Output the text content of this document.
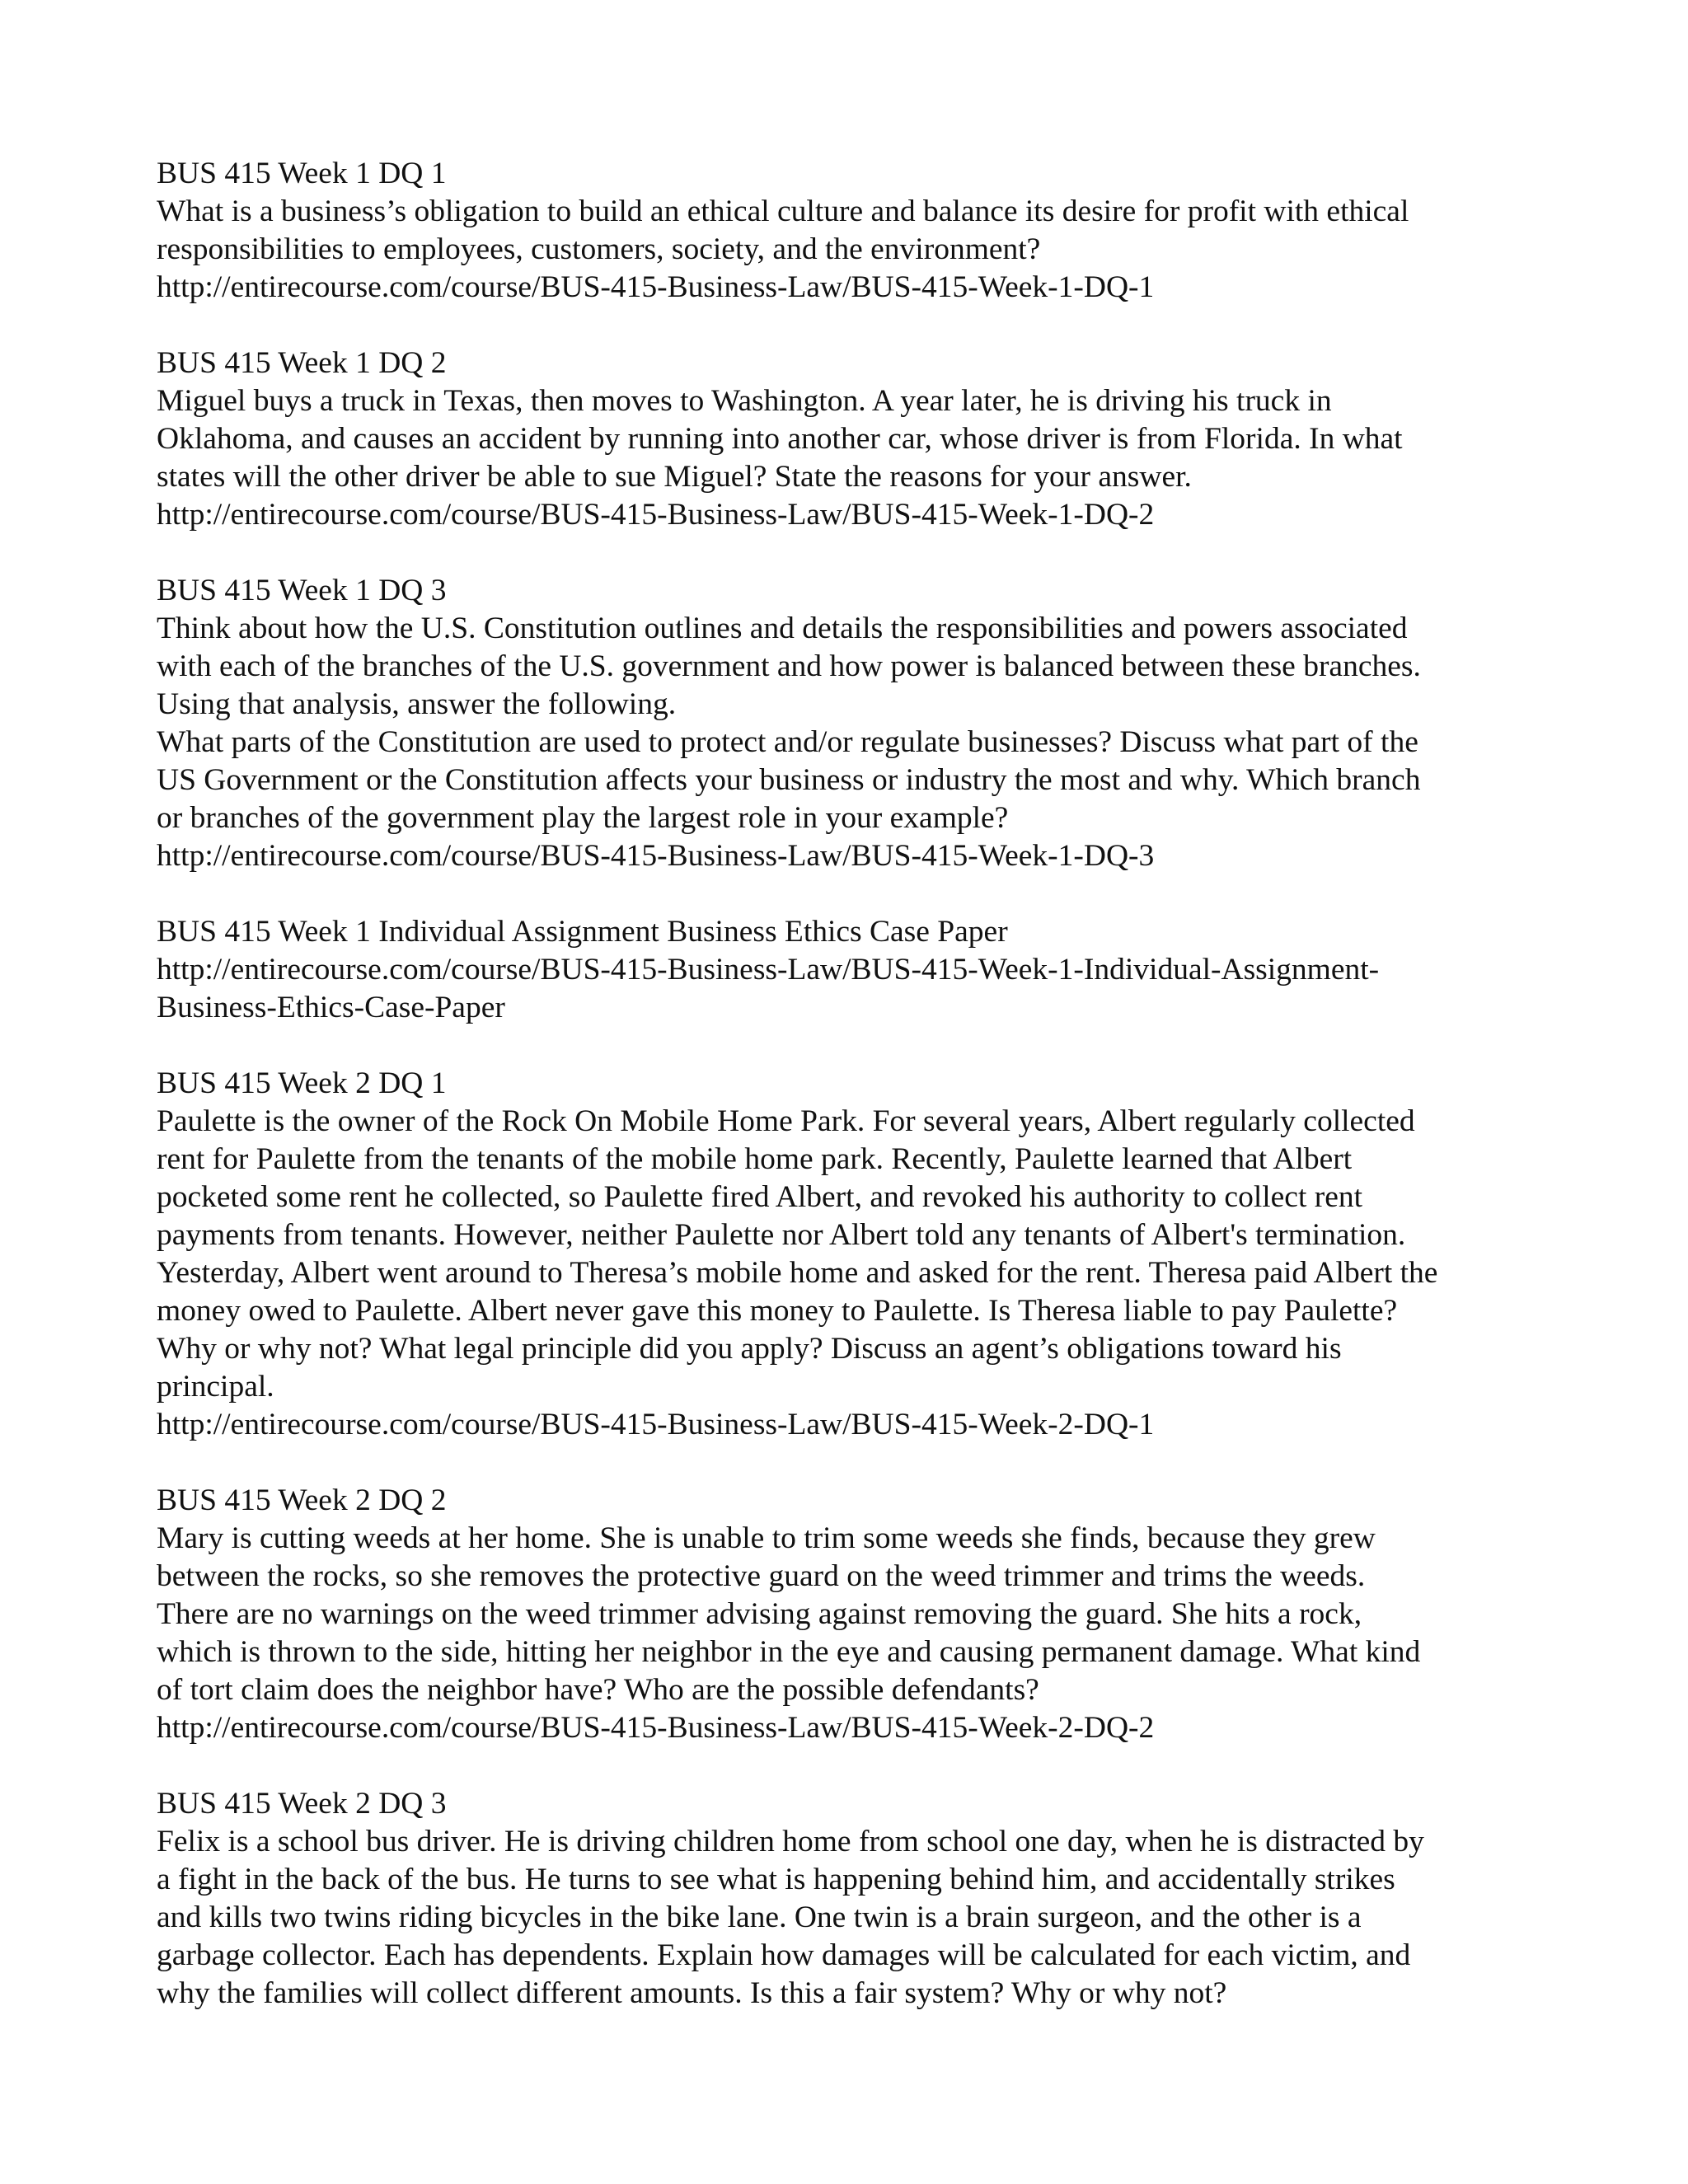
BUS 415 Week 1 DQ 1
What is a business’s obligation to build an ethical culture and balance its desire for profit with ethical
responsibilities to employees, customers, society, and the environment?
http://entirecourse.com/course/BUS-415-Business-Law/BUS-415-Week-1-DQ-1
BUS 415 Week 1 DQ 2
Miguel buys a truck in Texas, then moves to Washington. A year later, he is driving his truck in
Oklahoma, and causes an accident by running into another car, whose driver is from Florida. In what
states will the other driver be able to sue Miguel? State the reasons for your answer.
http://entirecourse.com/course/BUS-415-Business-Law/BUS-415-Week-1-DQ-2
BUS 415 Week 1 DQ 3
Think about how the U.S. Constitution outlines and details the responsibilities and powers associated
with each of the branches of the U.S. government and how power is balanced between these branches.
Using that analysis, answer the following.
What parts of the Constitution are used to protect and/or regulate businesses? Discuss what part of the
US Government or the Constitution affects your business or industry the most and why. Which branch
or branches of the government play the largest role in your example?
http://entirecourse.com/course/BUS-415-Business-Law/BUS-415-Week-1-DQ-3
BUS 415 Week 1 Individual Assignment Business Ethics Case Paper
http://entirecourse.com/course/BUS-415-Business-Law/BUS-415-Week-1-Individual-Assignment-
Business-Ethics-Case-Paper
BUS 415 Week 2 DQ 1
Paulette is the owner of the Rock On Mobile Home Park. For several years, Albert regularly collected
rent for Paulette from the tenants of the mobile home park. Recently, Paulette learned that Albert
pocketed some rent he collected, so Paulette fired Albert, and revoked his authority to collect rent
payments from tenants. However, neither Paulette nor Albert told any tenants of Albert's termination.
Yesterday, Albert went around to Theresa’s mobile home and asked for the rent. Theresa paid Albert the
money owed to Paulette. Albert never gave this money to Paulette. Is Theresa liable to pay Paulette?
Why or why not? What legal principle did you apply? Discuss an agent’s obligations toward his
principal.
http://entirecourse.com/course/BUS-415-Business-Law/BUS-415-Week-2-DQ-1
BUS 415 Week 2 DQ 2
Mary is cutting weeds at her home. She is unable to trim some weeds she finds, because they grew
between the rocks, so she removes the protective guard on the weed trimmer and trims the weeds.
There are no warnings on the weed trimmer advising against removing the guard. She hits a rock,
which is thrown to the side, hitting her neighbor in the eye and causing permanent damage. What kind
of tort claim does the neighbor have? Who are the possible defendants?
http://entirecourse.com/course/BUS-415-Business-Law/BUS-415-Week-2-DQ-2
BUS 415 Week 2 DQ 3
Felix is a school bus driver. He is driving children home from school one day, when he is distracted by
a fight in the back of the bus. He turns to see what is happening behind him, and accidentally strikes
and kills two twins riding bicycles in the bike lane. One twin is a brain surgeon, and the other is a
garbage collector. Each has dependents. Explain how damages will be calculated for each victim, and
why the families will collect different amounts. Is this a fair system? Why or why not?
